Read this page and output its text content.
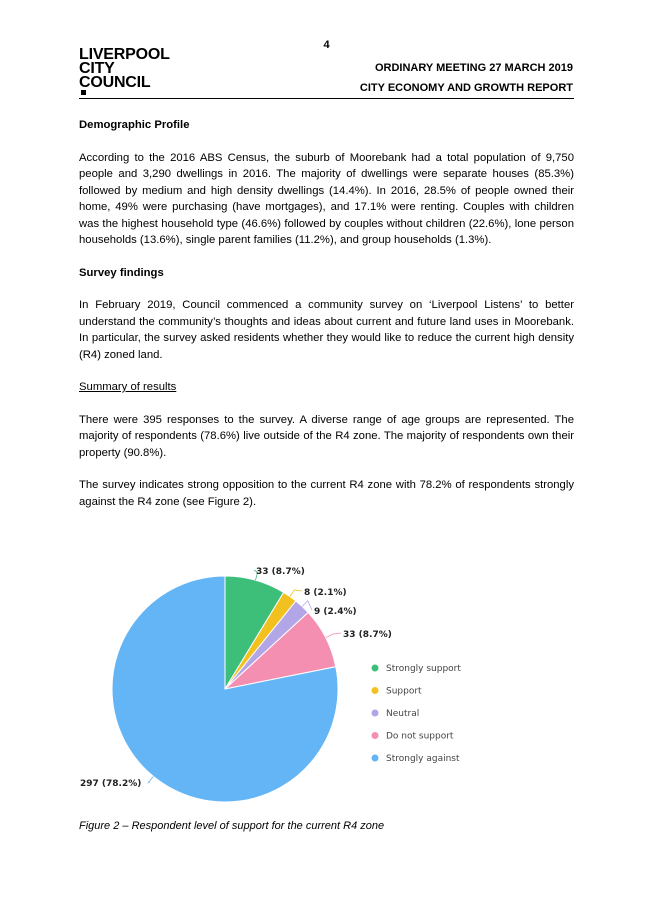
4
LIVERPOOL
CITY
COUNCIL
ORDINARY MEETING 27 MARCH 2019
CITY ECONOMY AND GROWTH REPORT
Demographic Profile

According to the 2016 ABS Census, the suburb of Moorebank had a total population of 9,750 people and 3,290 dwellings in 2016. The majority of dwellings were separate houses (85.3%) followed by medium and high density dwellings (14.4%). In 2016, 28.5% of people owned their home, 49% were purchasing (have mortgages), and 17.1% were renting. Couples with children was the highest household type (46.6%) followed by couples without children (22.6%), lone person households (13.6%), single parent families (11.2%), and group households (1.3%).

Survey findings

In February 2019, Council commenced a community survey on ‘Liverpool Listens’ to better understand the community’s thoughts and ideas about current and future land uses in Moorebank. In particular, the survey asked residents whether they would like to reduce the current high density (R4) zoned land.

Summary of results

There were 395 responses to the survey. A diverse range of age groups are represented. The majority of respondents (78.6%) live outside of the R4 zone. The majority of respondents own their property (90.8%).

The survey indicates strong opposition to the current R4 zone with 78.2% of respondents strongly against the R4 zone (see Figure 2).

33 (8.7%)
8 (2.1%)
9 (2.4%)
33 (8.7%)
297 (78.2%)
Strongly support
Support
Neutral
Do not support
Strongly against
Figure 2 – Respondent level of support for the current R4 zone
